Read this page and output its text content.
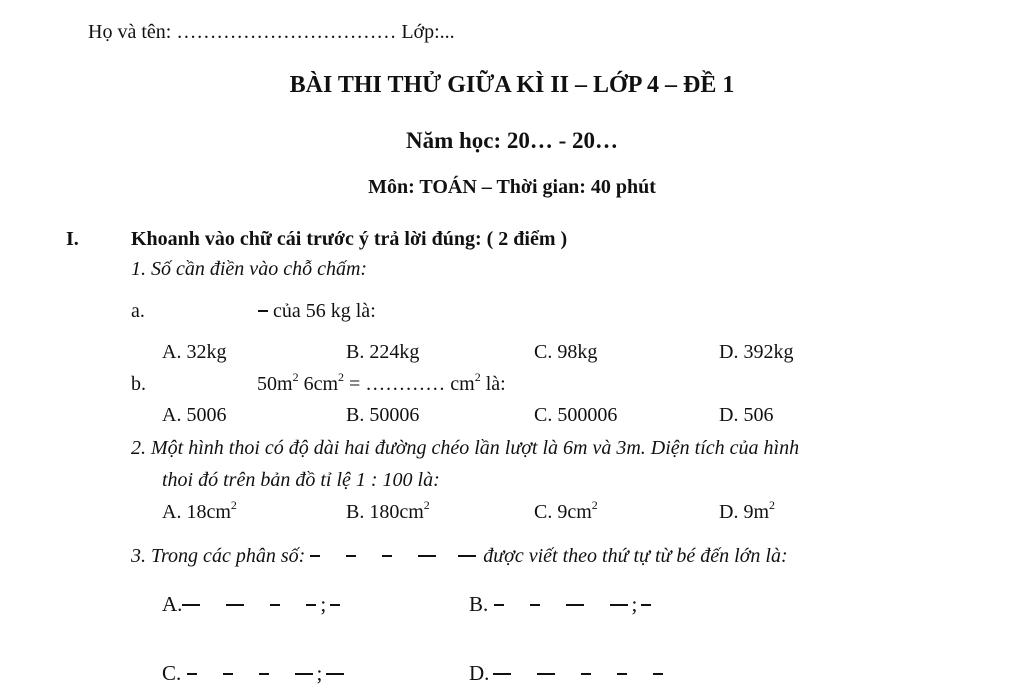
Họ và tên: …………………………… Lớp:...
BÀI THI THỬ GIỮA KÌ II – LỚP 4 – ĐỀ 1
Năm học: 20… - 20…
Môn: TOÁN – Thời gian: 40 phút
I.	Khoanh vào chữ cái trước ý trả lời đúng: ( 2 điểm )
1. Số cần điền vào chỗ chấm:
a.	của 56 kg là:
A. 32kg	B. 224kg	C. 98kg	D. 392kg
b.	$50m^2$ $6cm^2$ = ………… $cm^2$ là:
A. 5006	B. 50006	C. 500006	D. 506
2. Một hình thoi có độ dài hai đường chéo lần lượt là 6m và 3m. Diện tích của hình
thoi đó trên bản đồ tỉ lệ 1 : 100 là:
A. $18cm^2$	B. $180cm^2$	C. $9cm^2$	D. $9m^2$
3. Trong các phân số:	được viết theo thứ tự từ bé đến lớn là:
A.	;	B.	;
C.	;	D.
